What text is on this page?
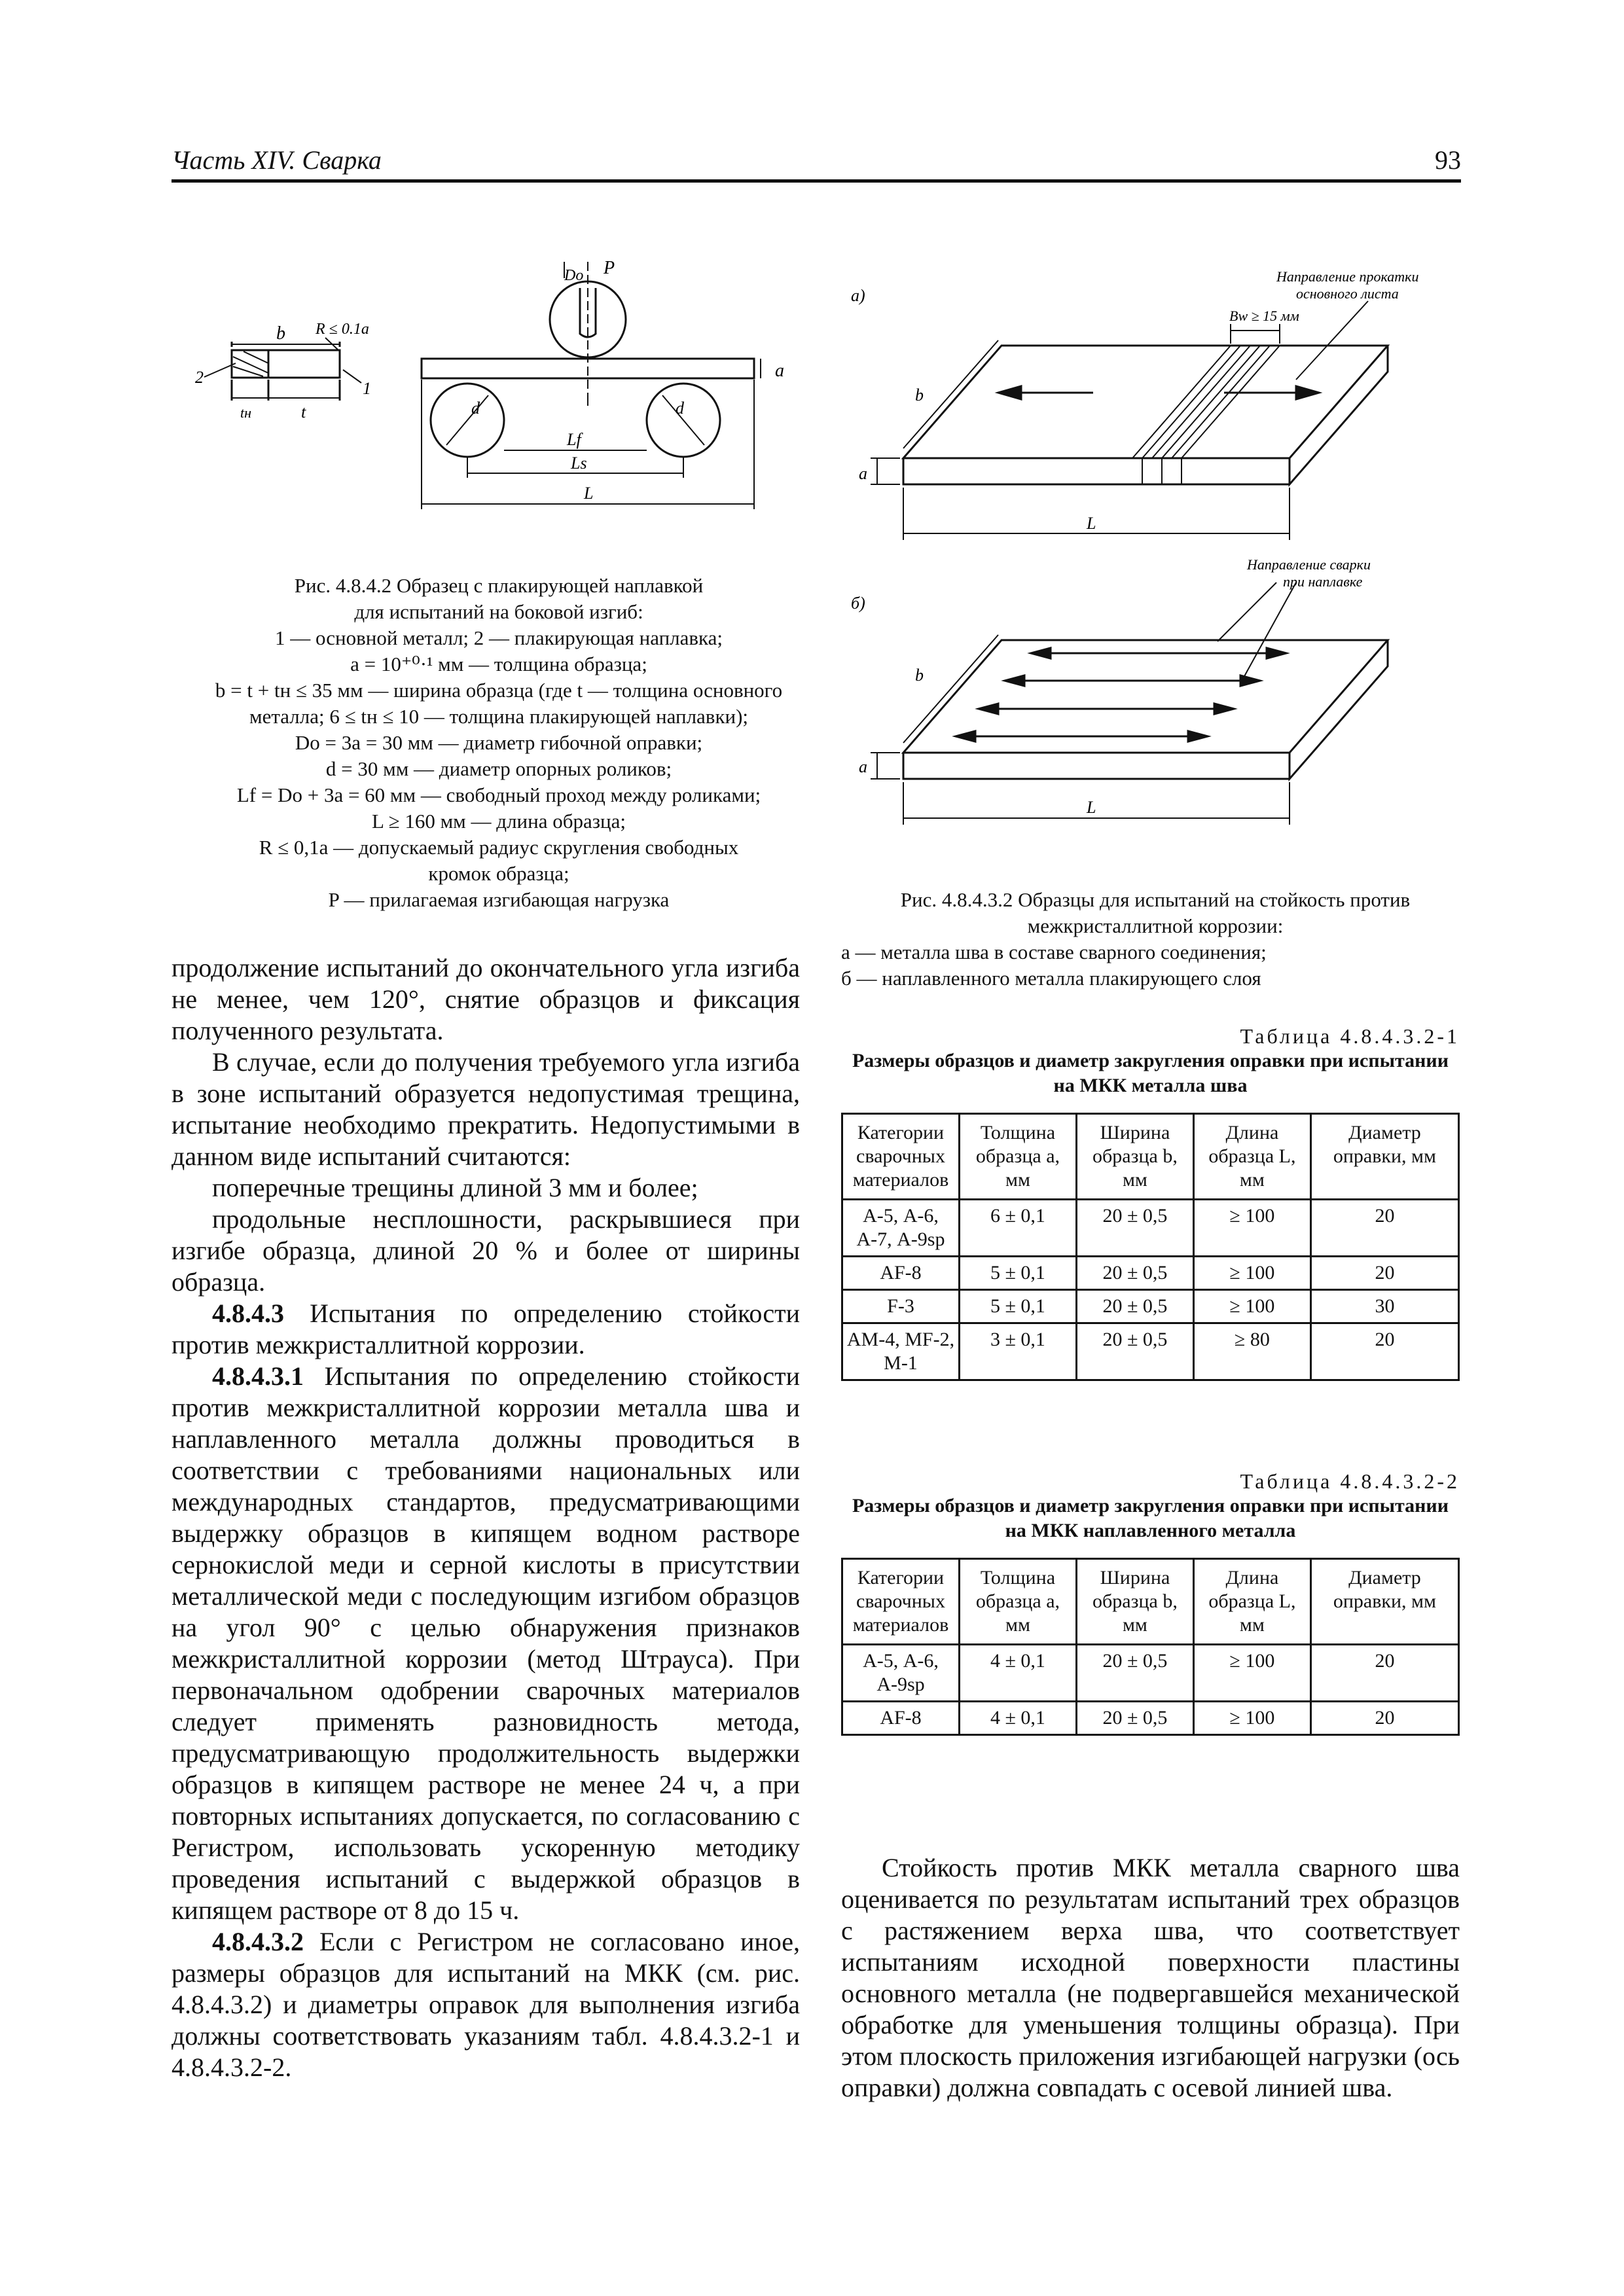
Часть XIV. Сварка	93
b R ≤ 0.1a
2
1
tн	t
Dо P
a
d	d
Lf
Ls
L
Рис. 4.8.4.2 Образец с плакирующей наплавкой
для испытаний на боковой изгиб:
1 — основной металл; 2 — плакирующая наплавка;
a = 10⁺⁰·¹ мм — толщина образца;
b = t + tн ≤ 35 мм — ширина образца (где t — толщина основного
металла; 6 ≤ tн ≤ 10 — толщина плакирующей наплавки);
Dо = 3a = 30 мм — диаметр гибочной оправки;
d = 30 мм — диаметр опорных роликов;
Lf = Dо + 3a = 60 мм — свободный проход между роликами;
L ≥ 160 мм — длина образца;
R ≤ 0,1a — допускаемый радиус скругления свободных
кромок образца;
P — прилагаемая изгибающая нагрузка
а)
Bw ≥ 15 мм
Направление прокатки
основного листа
b
a
L
Направление сварки
при наплавке
б)
b
a
L
Рис. 4.8.4.3.2 Образцы для испытаний на стойкость против
межкристаллитной коррозии:
а — металла шва в составе сварного соединения;
б — наплавленного металла плакирующего слоя

продолжение испытаний до окончательного угла изгиба не менее, чем 120°, снятие образцов и фиксация полученного результата.

В случае, если до получения требуемого угла изгиба в зоне испытаний образуется недопустимая трещина, испытание необходимо прекратить. Недопустимыми в данном виде испытаний считаются:

поперечные трещины длиной 3 мм и более;

продольные несплошности, раскрывшиеся при изгибе образца, длиной 20 % и более от ширины образца.

4.8.4.3 Испытания по определению стойкости против межкристаллитной коррозии.

4.8.4.3.1 Испытания по определению стойкости против межкристаллитной коррозии металла шва и наплавленного металла должны проводиться в соответствии с требованиями национальных или международных стандартов, предусматривающими выдержку образцов в кипящем водном растворе сернокислой меди и серной кислоты в присутствии металлической меди с последующим изгибом образцов на угол 90° с целью обнаружения признаков межкристаллитной коррозии (метод Штрауса). При первоначальном одобрении сварочных материалов следует применять разновидность метода, предусматривающую продолжительность выдержки образцов в кипящем растворе не менее 24 ч, а при повторных испытаниях допускается, по согласованию с Регистром, использовать ускоренную методику проведения испытаний с выдержкой образцов в кипящем растворе от 8 до 15 ч.

4.8.4.3.2 Если с Регистром не согласовано иное, размеры образцов для испытаний на МКК (см. рис. 4.8.4.3.2) и диаметры оправок для выполнения изгиба должны соответствовать указаниям табл. 4.8.4.3.2-1 и 4.8.4.3.2-2.

Таблица 4.8.4.3.2-1
Размеры образцов и диаметр закругления оправки при испытании на МКК металла шва
Категории сварочных материалов	Толщина образца a, мм	Ширина образца b, мм	Длина образца L, мм	Диаметр оправки, мм
А-5, А-6, А-7, А-9sp	6 ± 0,1	20 ± 0,5	≥ 100	20
АF-8	5 ± 0,1	20 ± 0,5	≥ 100	20
F-3	5 ± 0,1	20 ± 0,5	≥ 100	30
АМ-4, МF-2, М-1	3 ± 0,1	20 ± 0,5	≥ 80	20
Таблица 4.8.4.3.2-2
Размеры образцов и диаметр закругления оправки при испытании на МКК наплавленного металла
Категории сварочных материалов	Толщина образца a, мм	Ширина образца b, мм	Длина образца L, мм	Диаметр оправки, мм
А-5, А-6, А-9sp	4 ± 0,1	20 ± 0,5	≥ 100	20
АF-8	4 ± 0,1	20 ± 0,5	≥ 100	20

Стойкость против МКК металла сварного шва оценивается по результатам испытаний трех образцов с растяжением верха шва, что соответствует испытаниям исходной поверхности пластины основного металла (не подвергавшейся механической обработке для уменьшения толщины образца). При этом плоскость приложения изгибающей нагрузки (ось оправки) должна совпадать с осевой линией шва.
